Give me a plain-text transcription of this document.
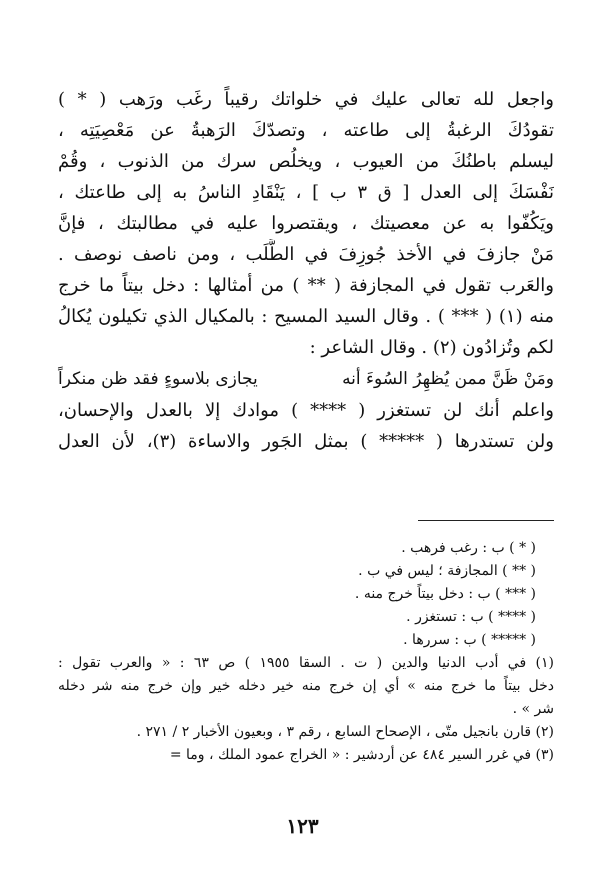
واجعل لله تعالى عليك في خلواتك رقيباً رغَب ورَهب ( * )
تقودُكَ الرغبةُ إلى طاعته ، وتصدّكَ الرَهبةُ عن مَعْصِيَتِه ،
ليسلم باطنُكَ من العيوب ، ويخلُص سرك من الذنوب ، وقُمْ
نَفْسَكَ إلى العدل [ ق ٣ ب ] ، يَنْقَادِ الناسُ به إلى طاعتك ،
ويَكُفّوا به عن معصيتك ، ويقتصروا عليه في مطالبتك ، فإنَّ
مَنْ جازفَ في الأخذ جُوزِفَ في الطَّلَب ، ومن ناصف نوصف .
والعَرب تقول في المجازفة ( ** ) من أمثالها : دخل بيتاً ما خرج
منه (١) ( *** ) . وقال السيد المسيح : بالمكيال الذي تكيلون يُكالُ
لكم وتُزادُون (٢) . وقال الشاعر :
ومَنْ ظَنَّ ممن يُظهِرُ السُوءَ أنه
يجازى بلاسوءٍ فقد ظن منكراً
واعلم أنك لن تستغزر ( **** ) موادك إلا بالعدل والإحسان،
ولن تستدرها ( ***** ) بمثل الجَور والاساءة (٣)، لأن العدل
( * ) ب : رغب فرهب .
( ** ) المجازفة ؛ ليس في ب .
( *** ) ب : دخل بيتاً خرج منه .
( **** ) ب : تستغزر .
( ***** ) ب : سررها .
(١) في أدب الدنيا والدين ( ت . السقا ١٩٥٥ ) ص ٦٣ : « والعرب تقول :
دخل بيتاً ما خرج منه » أي إن خرج منه خير دخله خير وإن خرج منه شر دخله
شر » .
(٢) قارن بانجيل متّى ، الإصحاح السابع ، رقم ٣ ، وبعيون الأخبار ٢ / ٢٧١ .
(٣) في غرر السير ٤٨٤ عن أردشير : « الخراج عمود الملك ، وما =
١٢٣
